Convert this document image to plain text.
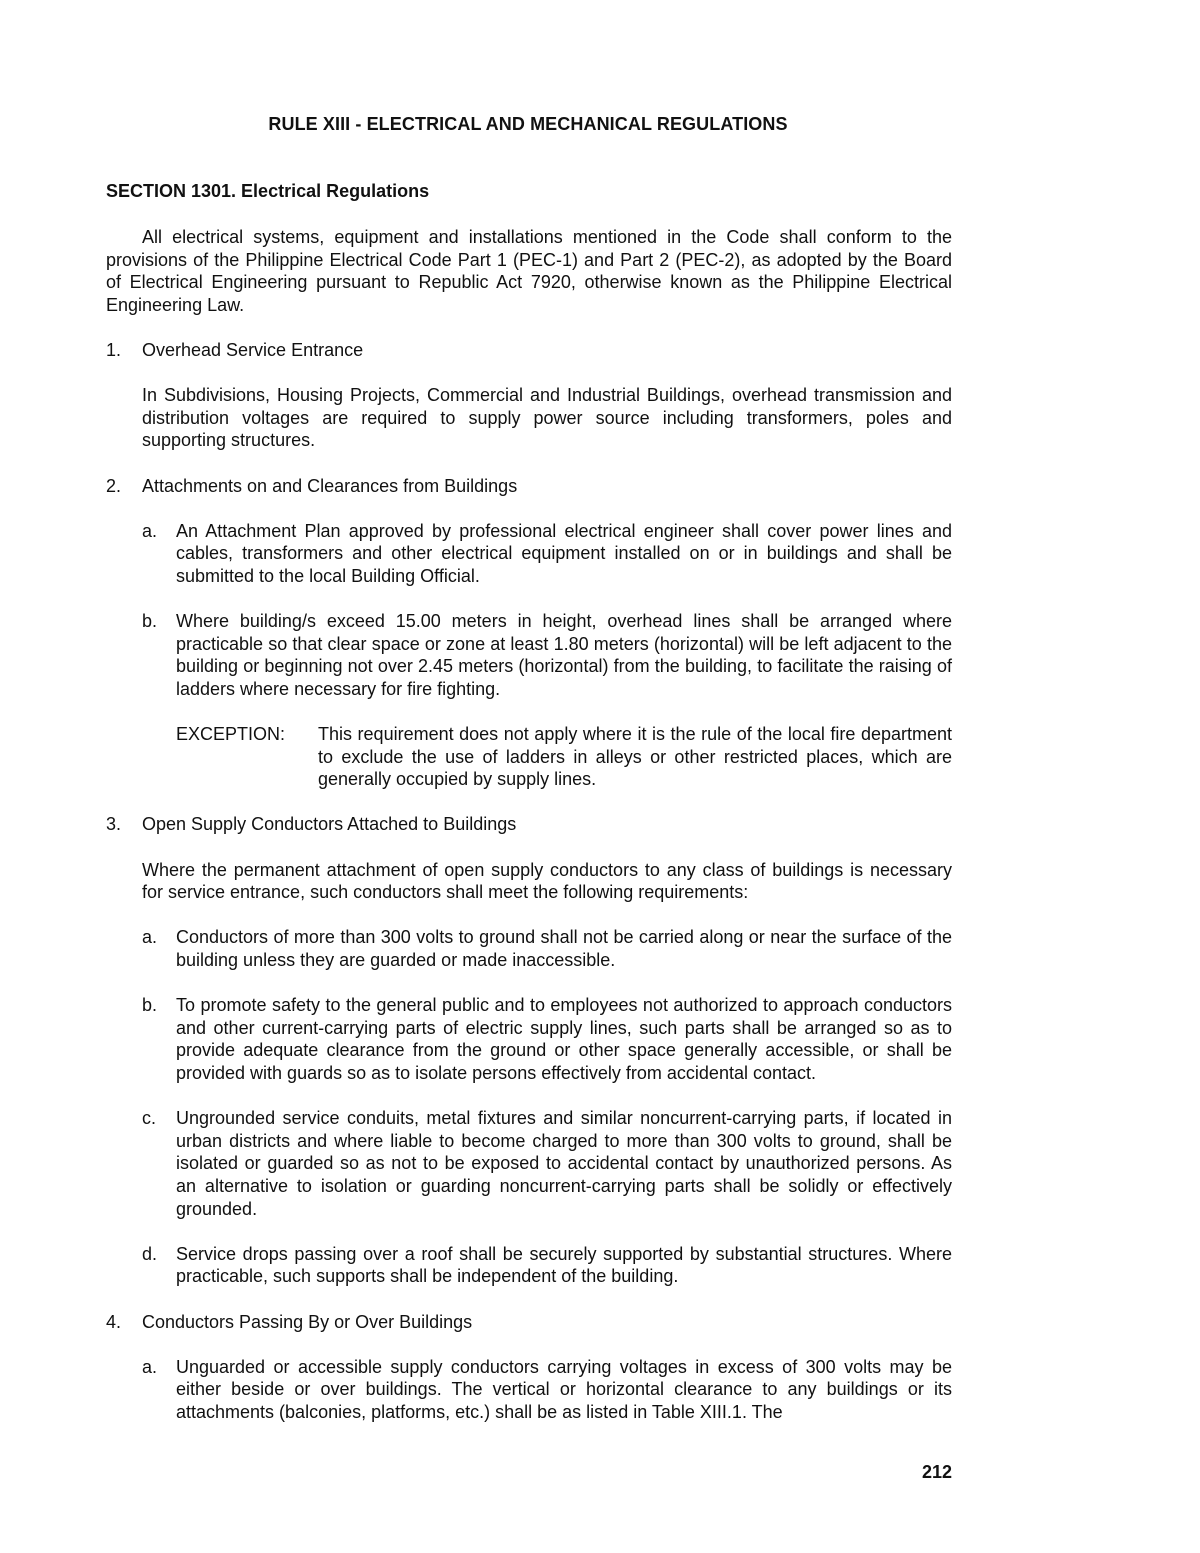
RULE XIII - ELECTRICAL AND MECHANICAL REGULATIONS
SECTION 1301. Electrical Regulations

All electrical systems, equipment and installations mentioned in the Code shall conform to the provisions of the Philippine Electrical Code Part 1 (PEC-1) and Part 2 (PEC-2), as adopted by the Board of Electrical Engineering pursuant to Republic Act 7920, otherwise known as the Philippine Electrical Engineering Law.

1.	Overhead Service Entrance

In Subdivisions, Housing Projects, Commercial and Industrial Buildings, overhead transmission and distribution voltages are required to supply power source including transformers, poles and supporting structures.

2.	Attachments on and Clearances from Buildings
a.	An Attachment Plan approved by professional electrical engineer shall cover power lines and cables, transformers and other electrical equipment installed on or in buildings and shall be submitted to the local Building Official.
b.	Where building/s exceed 15.00 meters in height, overhead lines shall be arranged where practicable so that clear space or zone at least 1.80 meters (horizontal) will be left adjacent to the building or beginning not over 2.45 meters (horizontal) from the building, to facilitate the raising of ladders where necessary for fire fighting.
EXCEPTION:	This requirement does not apply where it is the rule of the local fire department to exclude the use of ladders in alleys or other restricted places, which are generally occupied by supply lines.
3.	Open Supply Conductors Attached to Buildings

Where the permanent attachment of open supply conductors to any class of buildings is necessary for service entrance, such conductors shall meet the following requirements:

a.	Conductors of more than 300 volts to ground shall not be carried along or near the surface of the building unless they are guarded or made inaccessible.
b.	To promote safety to the general public and to employees not authorized to approach conductors and other current-carrying parts of electric supply lines, such parts shall be arranged so as to provide adequate clearance from the ground or other space generally accessible, or shall be provided with guards so as to isolate persons effectively from accidental contact.
c.	Ungrounded service conduits, metal fixtures and similar noncurrent-carrying parts, if located in urban districts and where liable to become charged to more than 300 volts to ground, shall be isolated or guarded so as not to be exposed to accidental contact by unauthorized persons. As an alternative to isolation or guarding noncurrent-carrying parts shall be solidly or effectively grounded.
d.	Service drops passing over a roof shall be securely supported by substantial structures. Where practicable, such supports shall be independent of the building.
4.	Conductors Passing By or Over Buildings
a.	Unguarded or accessible supply conductors carrying voltages in excess of 300 volts may be either beside or over buildings. The vertical or horizontal clearance to any buildings or its attachments (balconies, platforms, etc.) shall be as listed in Table XIII.1. The
212
